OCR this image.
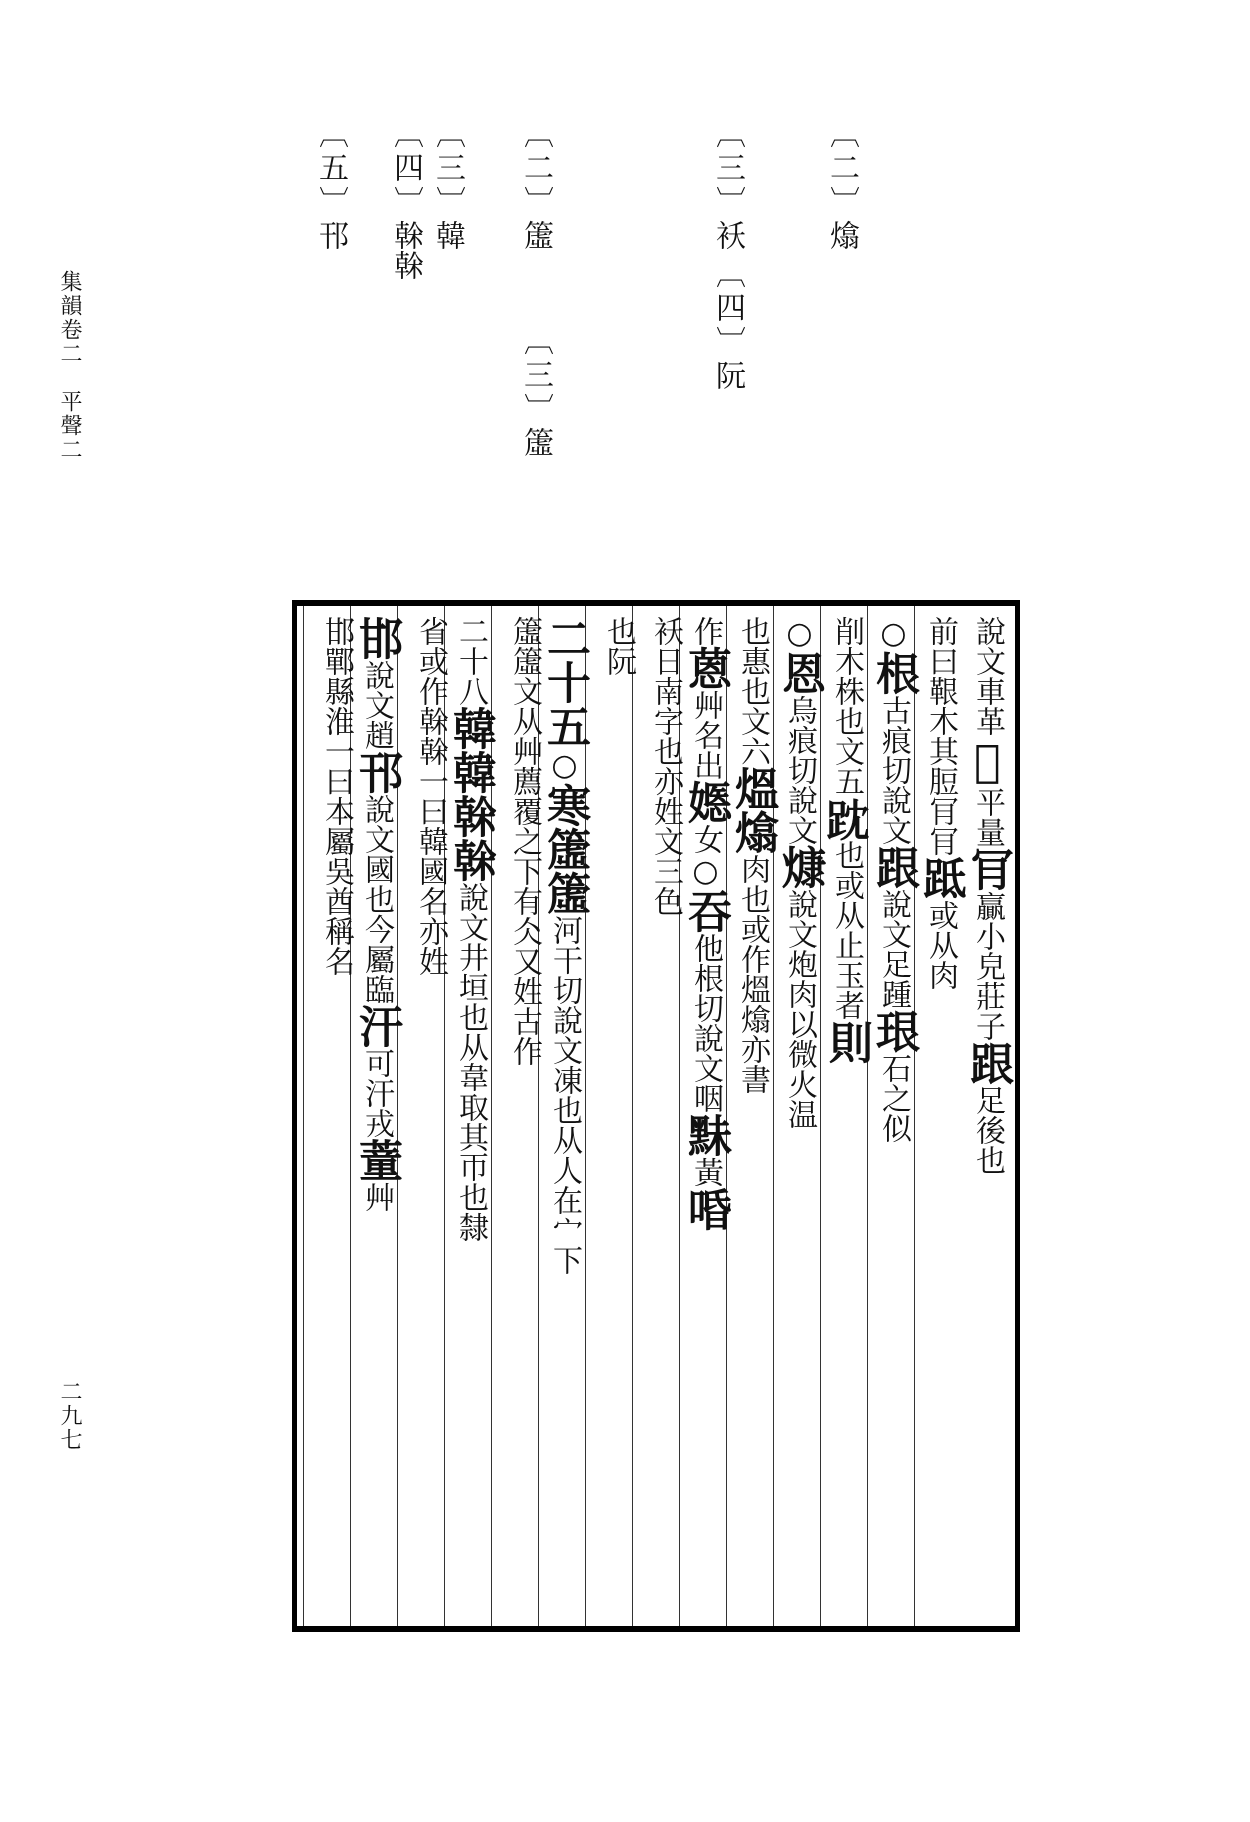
集韻卷二　平聲二
二九七
〔二〕熻
〔三〕袄
〔四〕阮
〔二〕𥲤
〔三〕𥲤
〔三〕韓
〔四〕榦
榦
〔五〕邗
說文車革𣞤平量肎贏小皃莊子跟足後也
前曰鞎木其脰肎肎䟡或从肉
○根古痕切說文跟說文足踵珢石之似
削木株也文五𧿒也或从止玉者則
○恩烏痕切說文𤎖說文炮肉以微火温
也惠也文六熅熻肉也或作熅熻亦書
作蒽艸名出嫕女○吞他根切說文咽䵢黃㖧
袄日南字也亦姓文三色
也阮
二十五○寒𥲤𥲤河干切說文凍也从人在宀下
𥲤𥲤文从艸薦覆之下有仌又姓古作
二十八韓韓榦榦說文井垣也从韋取其帀也隸
省或作榦榦一曰韓國名亦姓
邯說文趙邗說文國也今屬臨汗可汗戎蕫艸
邯鄲縣淮一曰本屬吳酋稱名
